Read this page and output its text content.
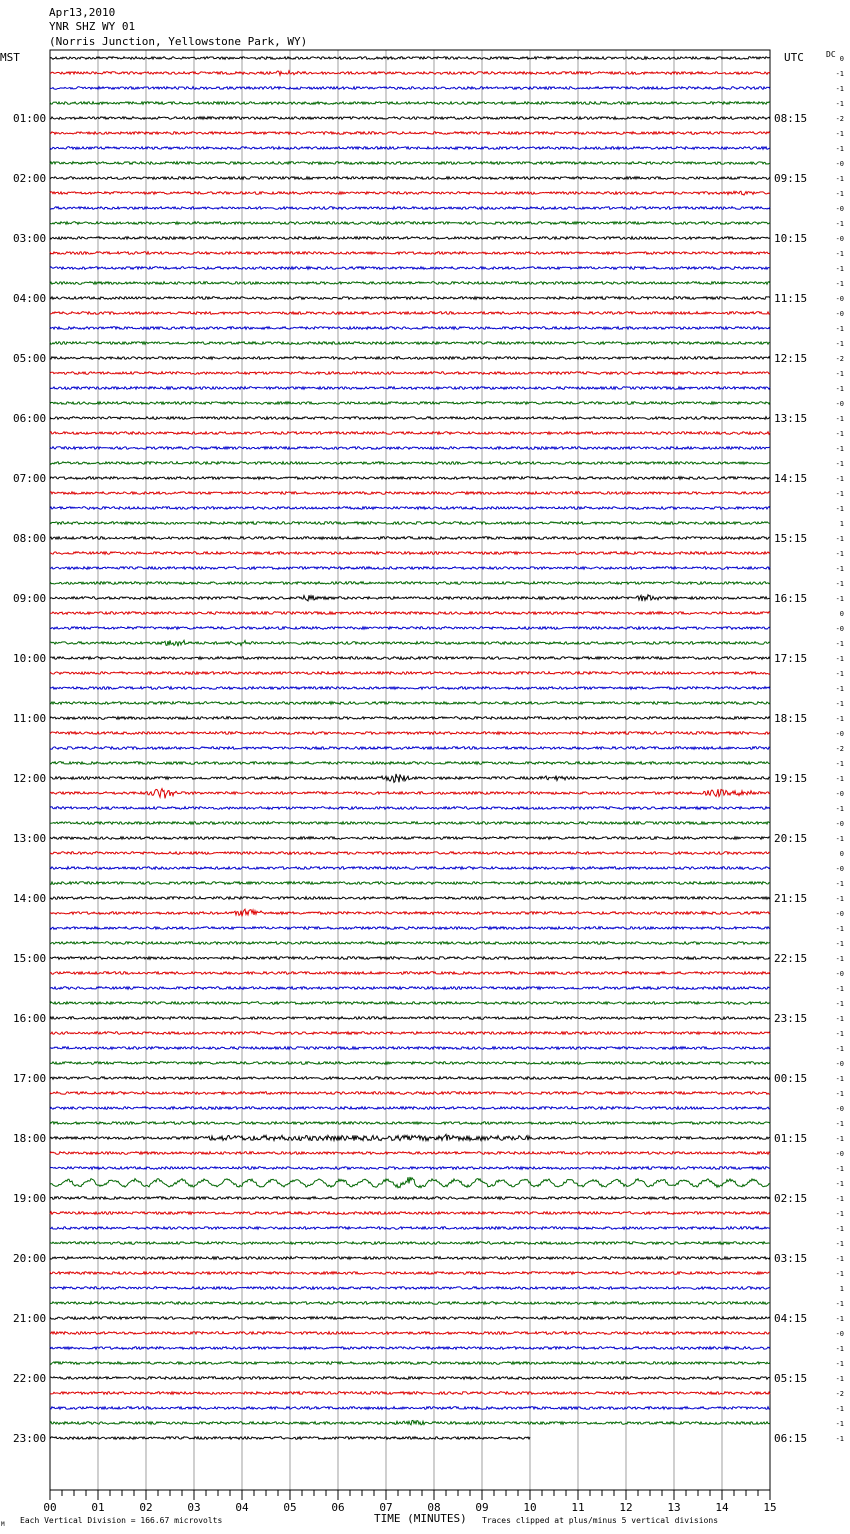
Apr13,2010
YNR SHZ WY 01
(Norris Junction, Yellowstone Park, WY)
MST	UTC	DC
01:00
02:00
03:00
04:00
05:00
06:00
07:00
08:00
09:00
10:00
11:00
12:00
13:00
14:00
15:00
16:00
17:00
18:00
19:00
20:00
21:00
22:00
23:00
08:15
09:15
10:15
11:15
12:15
13:15
14:15
15:15
16:15
17:15
18:15
19:15
20:15
21:15
22:15
23:15
00:15
01:15
02:15
03:15
04:15
05:15
06:15
0
-1
-1
-1
-2
-1
-1
-0
-1
-1
-0
-1
-0
-1
-1
-1
-0
-0
-1
-1
-2
-1
-1
-0
-1
-1
-1
-1
-1
-1
-1
1
-1
-1
-1
-1
-1
0
-0
-1
-1
-1
-1
-1
-1
-0
-2
-1
-1
-0
-1
-0
-1
0
-0
-1
-1
-0
-1
-1
-1
-0
-1
-1
-1
-1
-1
-0
-1
-1
-0
-1
-1
-0
-1
-1
-1
-1
-1
-1
-1
-1
1
-1
-1
-0
-1
-1
-1
-2
-1
-1
-1
00	01	02	03	04	05	06	07	08	09	10	11	12	13	14	15
TIME (MINUTES)
Each Vertical Division = 166.67 microvolts	Traces clipped at plus/minus 5 vertical divisions
M
